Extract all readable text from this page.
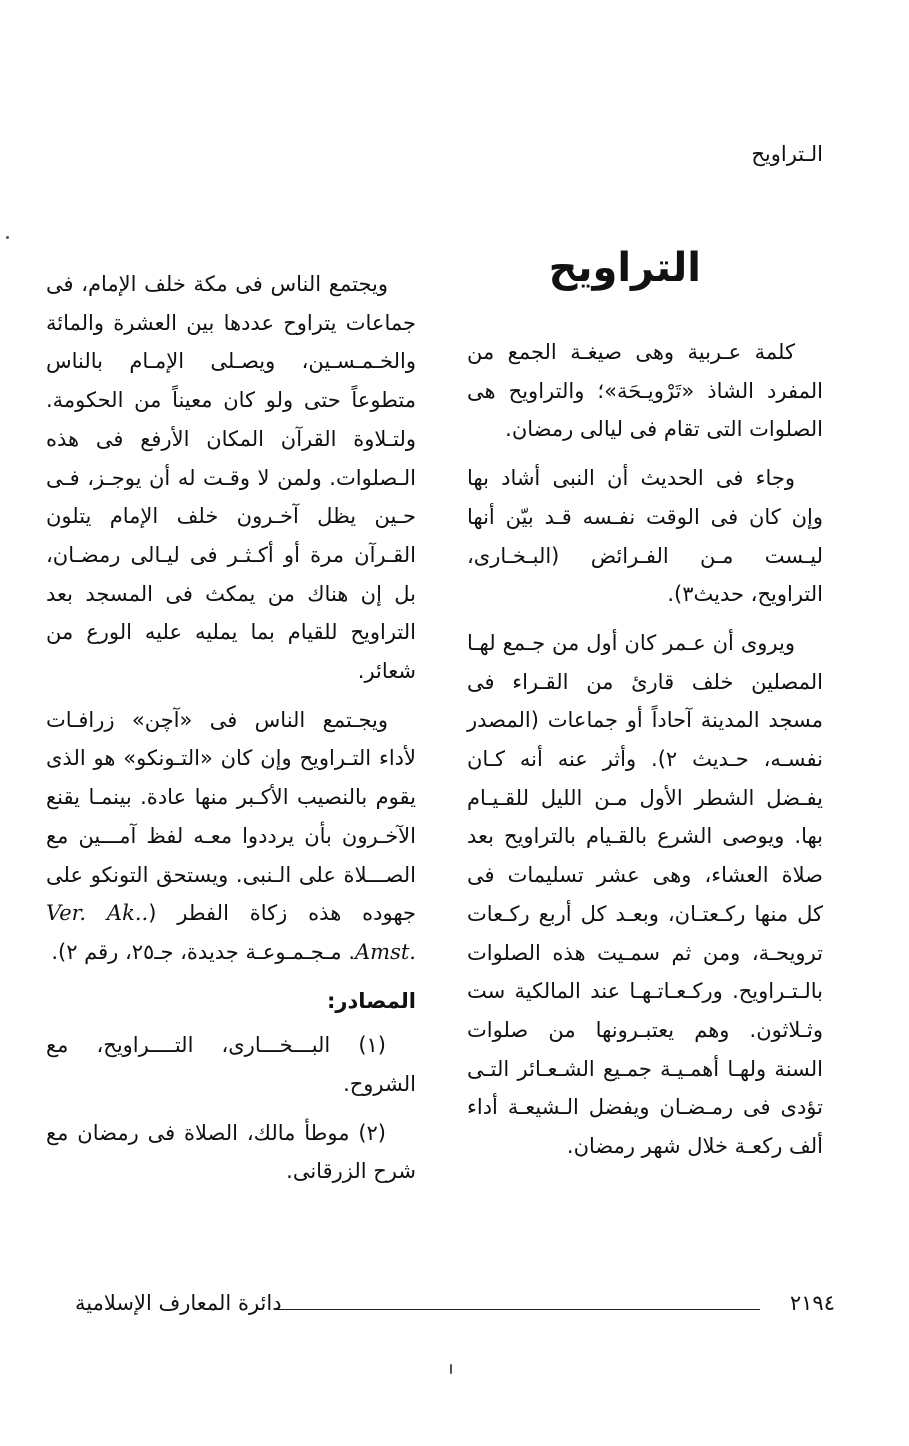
الـتراويح
التراويح

كلمة عـربية وهى صيغـة الجمع من المفرد الشاذ «تَرْويـحَة»؛ والتراويح هى الصلوات التى تقام فى ليالى رمضان.

وجاء فى الحديث أن النبى أشاد بها وإن كان فى الوقت نفـسه قـد بيّن أنها ليـست مـن الفـرائض (البـخـارى، التراويح، حديث٣).

ويروى أن عـمر كان أول من جـمع لهـا المصلين خلف قارئ من القـراء فى مسجد المدينة آحاداً أو جماعات (المصدر نفسـه، حـديث ٢). وأثر عنه أنه كـان يفـضل الشطر الأول مـن الليل للقـيـام بها. ويوصى الشرع بالقـيام بالتراويح بعد صلاة العشاء، وهى عشر تسليمات فى كل منها ركـعتـان، وبعـد كل أربع ركـعات ترويحـة، ومن ثم سمـيت هذه الصلوات بالـتـراويح. وركـعـاتـهـا عند المالكية ست وثـلاثون. وهم يعتبـرونها من صلوات السنة ولهـا أهمـيـة جمـيع الشـعـائر التـى تؤدى فى رمـضـان ويفضل الـشيعـة أداء ألف ركعـة خلال شهر رمضان.

ويجتمع الناس فى مكة خلف الإمام، فى جماعات يتراوح عددها بين العشرة والمائة والخـمـسـين، ويصـلى الإمـام بالناس متطوعاً حتى ولو كان معيناً من الحكومة. ولتـلاوة القرآن المكان الأرفع فى هذه الـصلوات. ولمن لا وقـت له أن يوجـز، فـى حـين يظل آخـرون خلف الإمام يتلون القـرآن مرة أو أكـثـر فى ليـالى رمضـان، بل إن هناك من يمكث فى المسجد بعد التراويح للقيام بما يمليه عليه الورع من شعائر.

ويجـتمع الناس فى «آچن» زرافـات لأداء التـراويح وإن كان «التـونكو» هو الذى يقوم بالنصيب الأكـبر منها عادة. بينمـا يقنع الآخـرون بأن يرددوا معـه لفظ آمـــين مع الصـــلاة على الـنبى. ويستحق التونكو على جهوده هذه زكاة الفطر (Ver. Ak.. Amst.. مـجـمـوعـة جديدة، جـ٢٥، رقم ٢).

المصادر:

(١) البـــخـــارى، التــــراويح، مع الشروح.

(٢) موطأ مالك، الصلاة فى رمضان مع شرح الزرقانى.

٢١٩٤
دائرة المعارف الإسلامية
